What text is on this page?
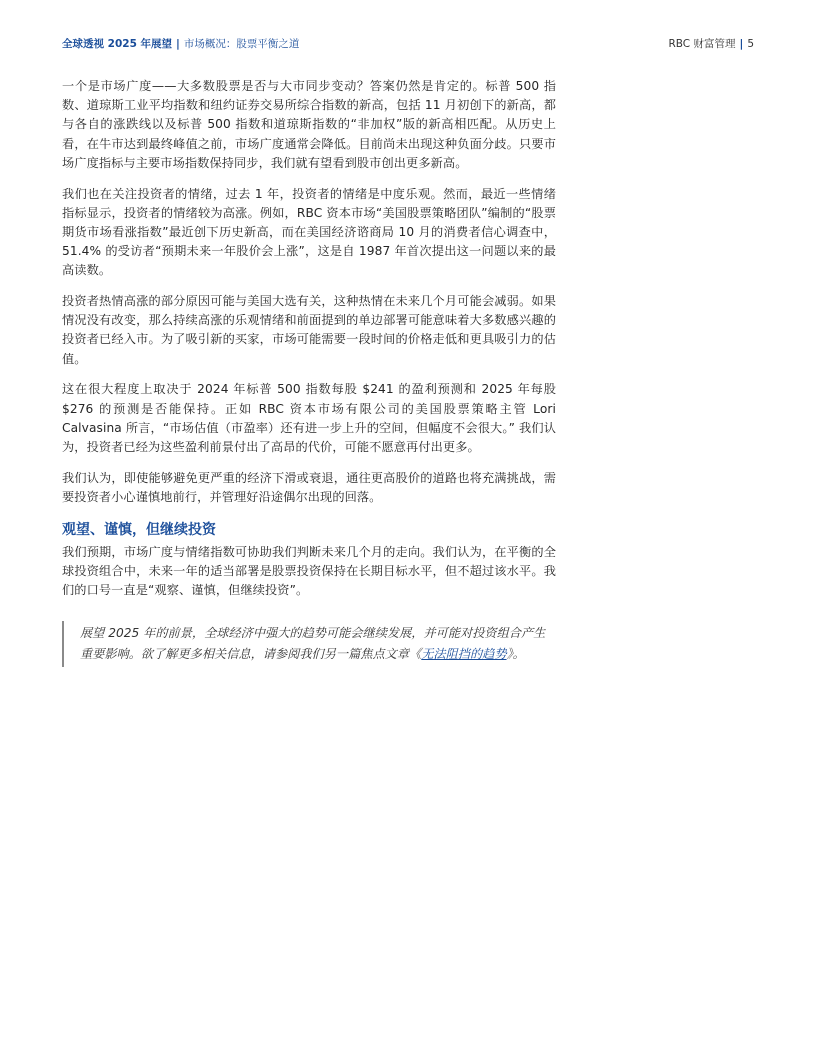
全球透视 2025 年展望 | 市场概况：股票平衡之道	RBC 财富管理 | 5

一个是市场广度——大多数股票是否与大市同步变动？答案仍然是肯定的。标普 500 指数、道琼斯工业平均指数和纽约证券交易所综合指数的新高，包括 11 月初创下的新高，都与各自的涨跌线以及标普 500 指数和道琼斯指数的“非加权”版的新高相匹配。从历史上看，在牛市达到最终峰值之前，市场广度通常会降低。目前尚未出现这种负面分歧。只要市场广度指标与主要市场指数保持同步，我们就有望看到股市创出更多新高。

我们也在关注投资者的情绪，过去 1 年，投资者的情绪是中度乐观。然而，最近一些情绪指标显示，投资者的情绪较为高涨。例如，RBC 资本市场“美国股票策略团队”编制的“股票期货市场看涨指数”最近创下历史新高，而在美国经济谘商局 10 月的消费者信心调查中，51.4% 的受访者“预期未来一年股价会上涨”，这是自 1987 年首次提出这一问题以来的最高读数。

投资者热情高涨的部分原因可能与美国大选有关，这种热情在未来几个月可能会减弱。如果情况没有改变，那么持续高涨的乐观情绪和前面提到的单边部署可能意味着大多数感兴趣的投资者已经入市。为了吸引新的买家，市场可能需要一段时间的价格走低和更具吸引力的估值。

这在很大程度上取决于 2024 年标普 500 指数每股 $241 的盈利预测和 2025 年每股 $276 的预测是否能保持。正如 RBC 资本市场有限公司的美国股票策略主管 Lori Calvasina 所言，“市场估值（市盈率）还有进一步上升的空间，但幅度不会很大。” 我们认为，投资者已经为这些盈利前景付出了高昂的代价，可能不愿意再付出更多。

我们认为，即使能够避免更严重的经济下滑或衰退，通往更高股价的道路也将充满挑战，需要投资者小心谨慎地前行，并管理好沿途偶尔出现的回落。

观望、谨慎，但继续投资

我们预期，市场广度与情绪指数可协助我们判断未来几个月的走向。我们认为，在平衡的全球投资组合中，未来一年的适当部署是股票投资保持在长期目标水平，但不超过该水平。我们的口号一直是“观察、谨慎，但继续投资”。

展望 2025 年的前景，全球经济中强大的趋势可能会继续发展，并可能对投资组合产生重要影响。欲了解更多相关信息，请参阅我们另一篇焦点文章《无法阻挡的趋势》。
